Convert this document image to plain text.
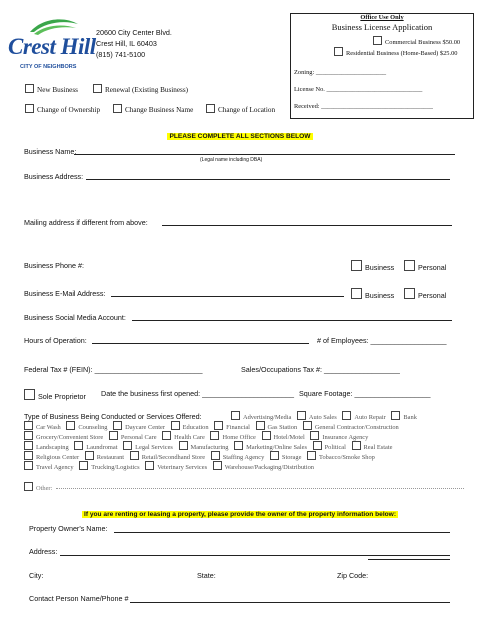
Crest Hill
CITY OF NEIGHBORS
20600 City Center Blvd.
Crest Hill, IL 60403
(815) 741-5100
Office Use Only
Business License Application
Commercial Business $50.00
Residential Business (Home-Based) $25.00
Zoning: ______________________
License No. ______________________________
Received: ___________________________________
New Business	Renewal (Existing Business)
Change of Ownership	Change Business Name	Change of Location
PLEASE COMPLETE ALL SECTIONS BELOW
Business Name:
(Legal name including DBA)
Business Address:
Mailing address if different from above:
Business Phone #:	Business	Personal
Business E-Mail Address:	Business	Personal
Business Social Media Account:
Hours of Operation:	# of Employees: ___________________
Federal Tax # (FEIN): ___________________________	Sales/Occupations Tax #: ___________________
Sole Proprietor Date the business first opened: _______________________ Square Footage: ___________________
Type of Business Being Conducted or Services Offered:	Advertising/Media	Auto Sales	Auto Repair	Bank
Car Wash	Counseling	Daycare Center	Education	Financial	Gas Station	General Contractor/Construction
Grocery/Convenient Store	Personal Care	Health Care	Home Office	Hotel/Motel	Insurance Agency
Landscaping	Laundromat	Legal Services	Manufacturing	Marketing/Online Sales	Political	Real Estate
Religious Center	Restaurant	Retail/Secondhand Store	Staffing Agency	Storage	Tobacco/Smoke Shop
Travel Agency	Trucking/Logistics	Veterinary Services	Warehouse/Packaging/Distribution
Other:
If you are renting or leasing a property, please provide the owner of the property information below:
Property Owner's Name:
Address:
City:	State:	Zip Code:
Contact Person Name/Phone #
